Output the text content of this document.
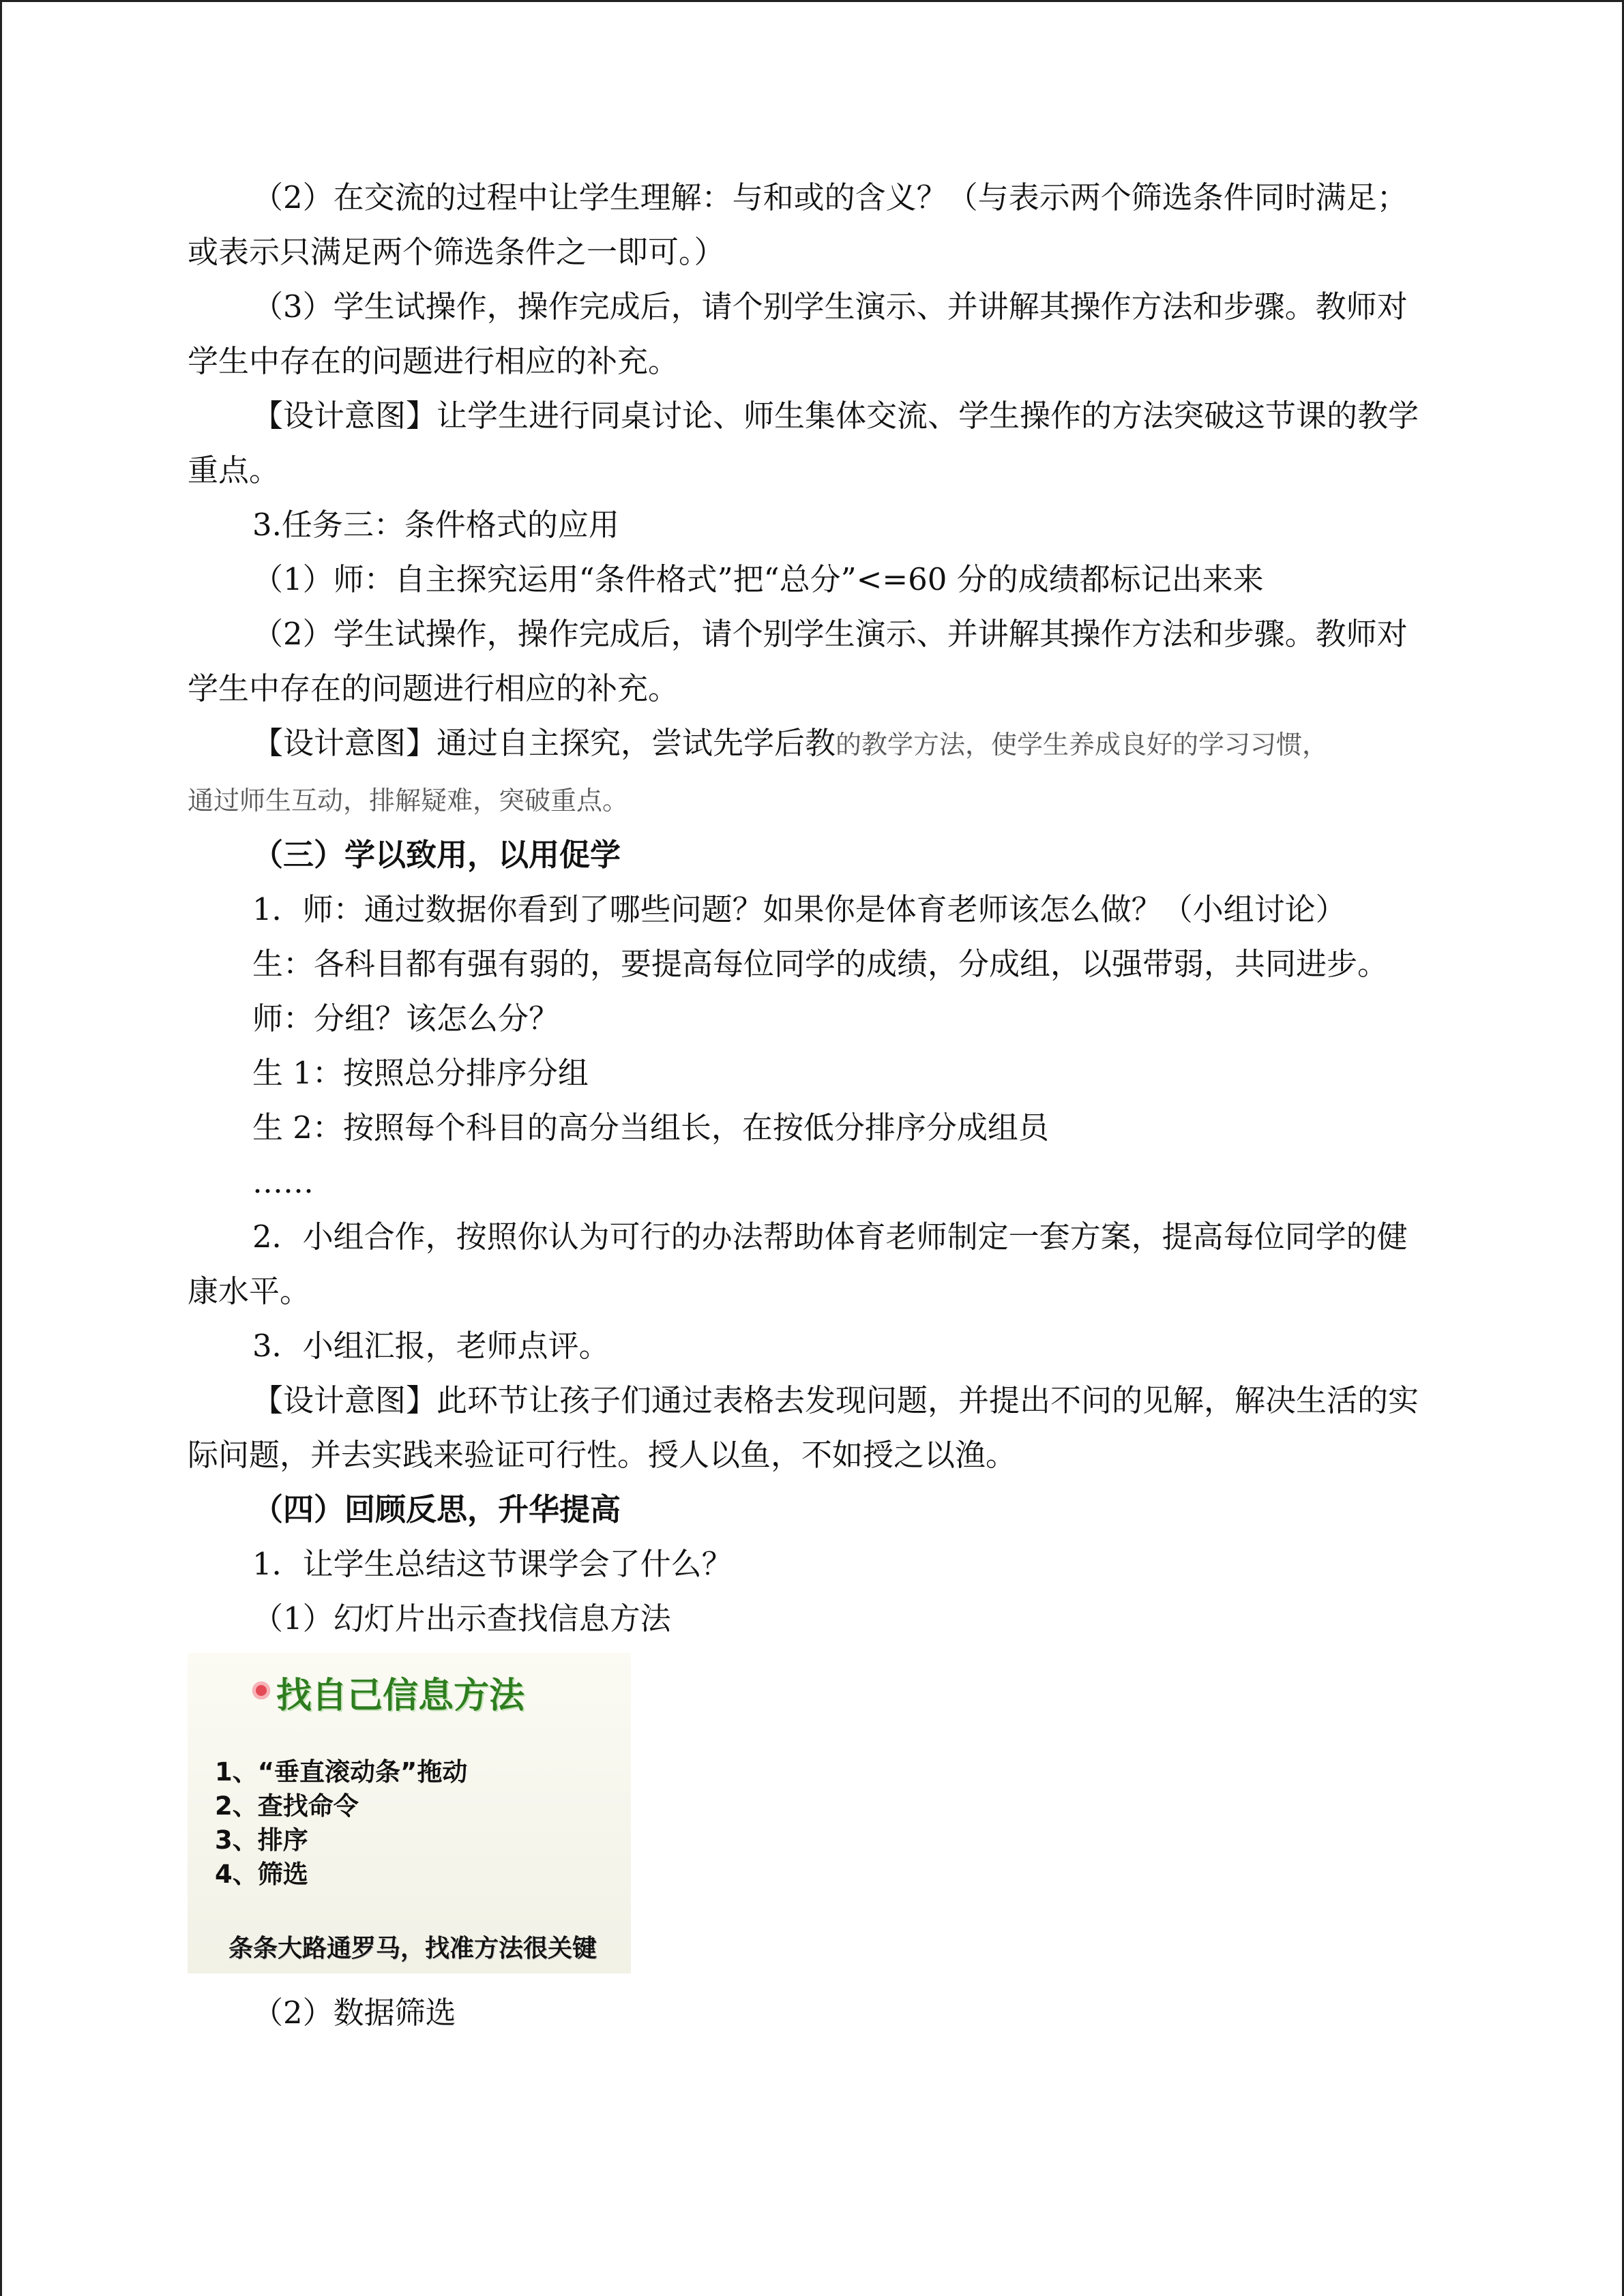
（2）在交流的过程中让学生理解：与和或的含义？（与表示两个筛选条件同时满足；或表示只满足两个筛选条件之一即可。）

（3）学生试操作，操作完成后，请个别学生演示、并讲解其操作方法和步骤。教师对学生中存在的问题进行相应的补充。

【设计意图】让学生进行同桌讨论、师生集体交流、学生操作的方法突破这节课的教学重点。

3.任务三：条件格式的应用

（1）师：自主探究运用“条件格式”把“总分”<=60 分的成绩都标记出来来

（2）学生试操作，操作完成后，请个别学生演示、并讲解其操作方法和步骤。教师对学生中存在的问题进行相应的补充。

【设计意图】通过自主探究，尝试先学后教的教学方法，使学生养成良好的学习习惯，

通过师生互动，排解疑难，突破重点。

（三）学以致用，以用促学

1．师：通过数据你看到了哪些问题？如果你是体育老师该怎么做？（小组讨论）

生：各科目都有强有弱的，要提高每位同学的成绩，分成组，以强带弱，共同进步。

师：分组？该怎么分？

生 1：按照总分排序分组

生 2：按照每个科目的高分当组长，在按低分排序分成组员

……

2．小组合作，按照你认为可行的办法帮助体育老师制定一套方案，提高每位同学的健康水平。

3．小组汇报，老师点评。

【设计意图】此环节让孩子们通过表格去发现问题，并提出不问的见解，解决生活的实际问题，并去实践来验证可行性。授人以鱼，不如授之以渔。

（四）回顾反思，升华提高

1．让学生总结这节课学会了什么？

（1）幻灯片出示查找信息方法

找自己信息方法
1、“垂直滚动条”拖动
2、查找命令
3、排序
4、筛选
条条大路通罗马，找准方法很关键

（2）数据筛选
